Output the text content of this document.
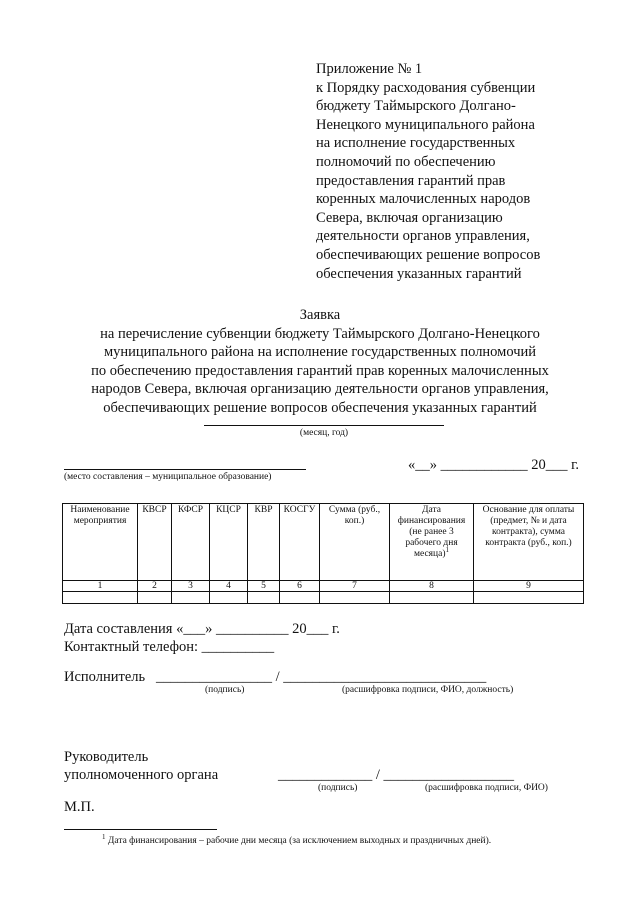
Приложение № 1
к Порядку расходования субвенции
бюджету Таймырского Долгано-
Ненецкого муниципального района
на исполнение государственных
полномочий по обеспечению
предоставления гарантий прав
коренных малочисленных народов
Севера, включая организацию
деятельности органов управления,
обеспечивающих решение вопросов
обеспечения указанных гарантий
Заявка
на перечисление субвенции бюджету Таймырского Долгано-Ненецкого
муниципального района на исполнение государственных полномочий
по обеспечению предоставления гарантий прав коренных малочисленных
народов Севера, включая организацию деятельности органов управления,
обеспечивающих решение вопросов обеспечения указанных гарантий
(месяц, год)
(место составления – муниципальное образование)
«__» ____________ 20___ г.
Наименование мероприятия	КВСР	КФСР	КЦСР	КВР	КОСГУ	Сумма (руб., коп.)	Дата финансирования (не ранее 3 рабочего дня месяца)$^1$	Основание для оплаты (предмет, № и дата контракта), сумма контракта (руб., коп.)
1	2	3	4	5	6	7	8	9

Дата составления «___» __________ 20___ г.
Контактный телефон: __________
Исполнитель ________________ / ____________________________
(подпись)	(расшифровка подписи, ФИО, должность)
Руководитель
уполномоченного органа	_____________ / __________________
(подпись)	(расшифровка подписи, ФИО)
М.П.
$^1$ Дата финансирования – рабочие дни месяца (за исключением выходных и праздничных дней).
